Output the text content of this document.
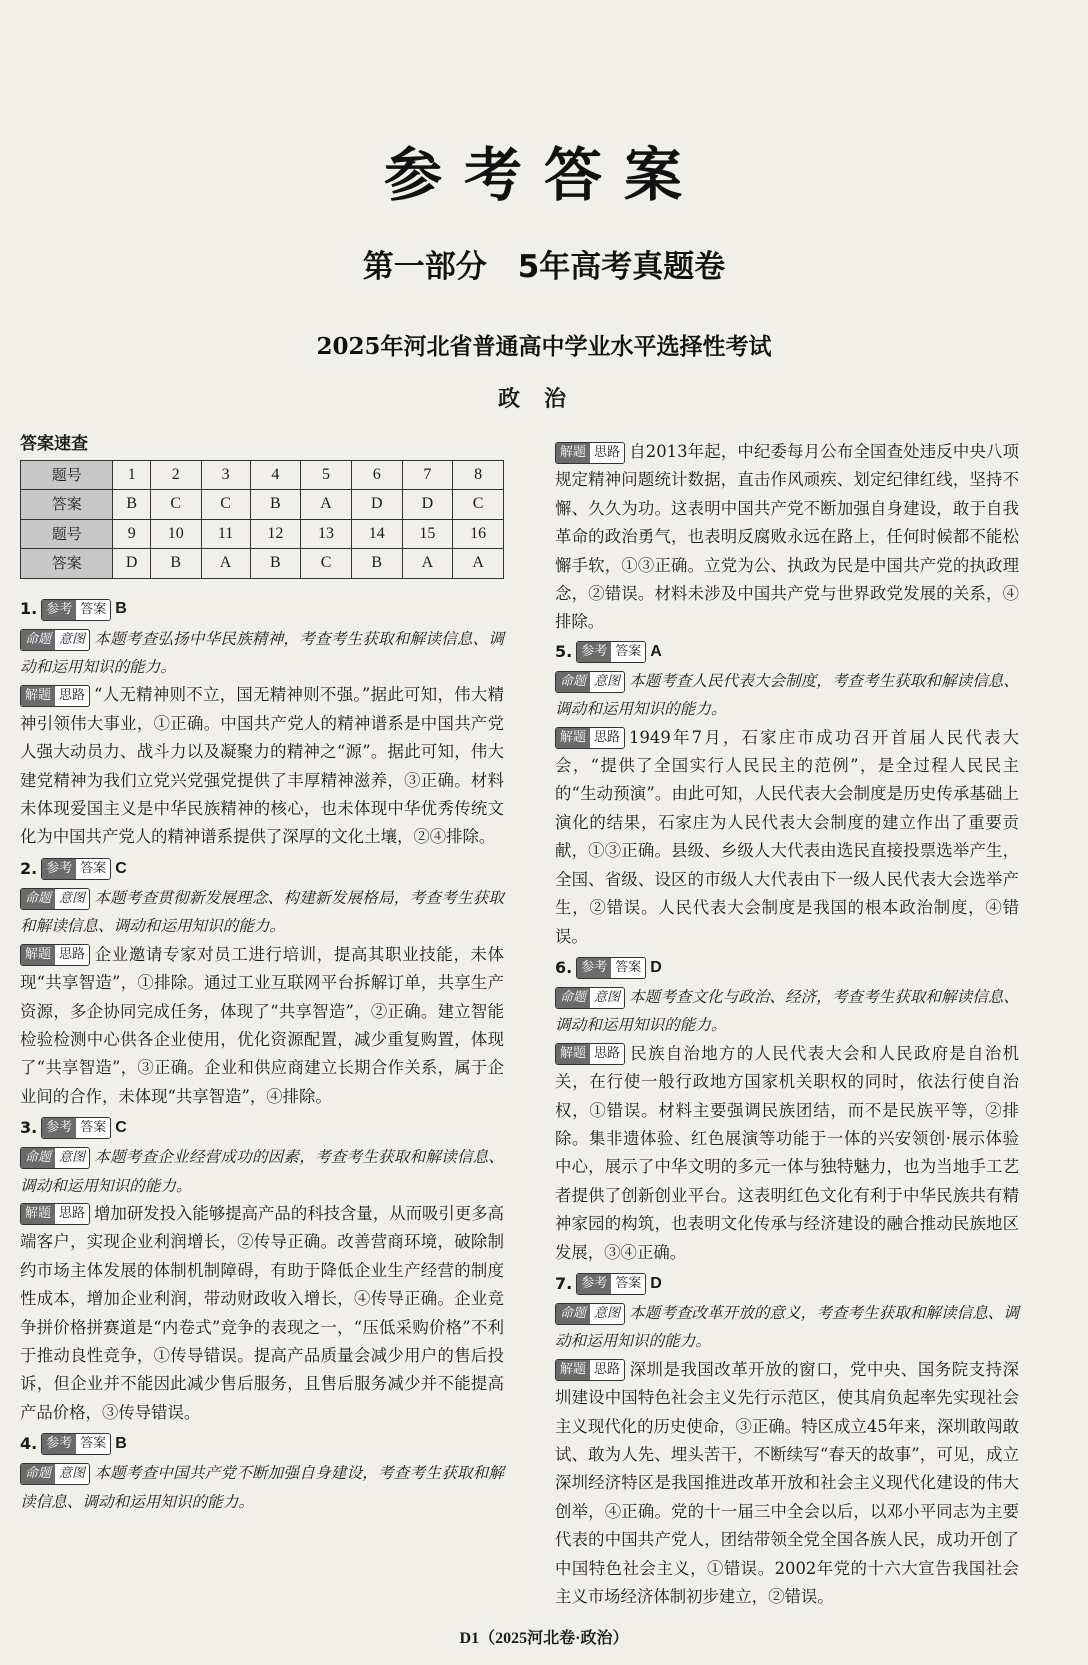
参考答案
第一部分　5年高考真题卷
2025年河北省普通高中学业水平选择性考试
政治
答案速查
题号	1	2	3	4	5	6	7	8
答案	B	C	C	B	A	D	D	C
题号	9	10	11	12	13	14	15	16
答案	D	B	A	B	C	B	A	A
1. 参考 答案 B

命题 意图 本题考查弘扬中华民族精神，考查考生获取和解读信息、调动和运用知识的能力。

解题 思路 “人无精神则不立，国无精神则不强。”据此可知，伟大精神引领伟大事业，①正确。中国共产党人的精神谱系是中国共产党人强大动员力、战斗力以及凝聚力的精神之“源”。据此可知，伟大建党精神为我们立党兴党强党提供了丰厚精神滋养，③正确。材料未体现爱国主义是中华民族精神的核心，也未体现中华优秀传统文化为中国共产党人的精神谱系提供了深厚的文化土壤，②④排除。

2. 参考 答案 C

命题 意图 本题考查贯彻新发展理念、构建新发展格局，考查考生获取和解读信息、调动和运用知识的能力。

解题 思路 企业邀请专家对员工进行培训，提高其职业技能，未体现“共享智造”，①排除。通过工业互联网平台拆解订单，共享生产资源，多企协同完成任务，体现了“共享智造”，②正确。建立智能检验检测中心供各企业使用，优化资源配置，减少重复购置，体现了“共享智造”，③正确。企业和供应商建立长期合作关系，属于企业间的合作，未体现“共享智造”，④排除。

3. 参考 答案 C

命题 意图 本题考查企业经营成功的因素，考查考生获取和解读信息、调动和运用知识的能力。

解题 思路 增加研发投入能够提高产品的科技含量，从而吸引更多高端客户，实现企业利润增长，②传导正确。改善营商环境，破除制约市场主体发展的体制机制障碍，有助于降低企业生产经营的制度性成本，增加企业利润，带动财政收入增长，④传导正确。企业竞争拼价格拼赛道是“内卷式”竞争的表现之一，“压低采购价格”不利于推动良性竞争，①传导错误。提高产品质量会减少用户的售后投诉，但企业并不能因此减少售后服务，且售后服务减少并不能提高产品价格，③传导错误。

4. 参考 答案 B

命题 意图 本题考查中国共产党不断加强自身建设，考查考生获取和解读信息、调动和运用知识的能力。

解题 思路 自2013年起，中纪委每月公布全国查处违反中央八项规定精神问题统计数据，直击作风顽疾、划定纪律红线，坚持不懈、久久为功。这表明中国共产党不断加强自身建设，敢于自我革命的政治勇气，也表明反腐败永远在路上，任何时候都不能松懈手软，①③正确。立党为公、执政为民是中国共产党的执政理念，②错误。材料未涉及中国共产党与世界政党发展的关系，④排除。

5. 参考 答案 A

命题 意图 本题考查人民代表大会制度，考查考生获取和解读信息、调动和运用知识的能力。

解题 思路 1949年7月，石家庄市成功召开首届人民代表大会，“提供了全国实行人民民主的范例”，是全过程人民民主的“生动预演”。由此可知，人民代表大会制度是历史传承基础上演化的结果，石家庄为人民代表大会制度的建立作出了重要贡献，①③正确。县级、乡级人大代表由选民直接投票选举产生，全国、省级、设区的市级人大代表由下一级人民代表大会选举产生，②错误。人民代表大会制度是我国的根本政治制度，④错误。

6. 参考 答案 D

命题 意图 本题考查文化与政治、经济，考查考生获取和解读信息、调动和运用知识的能力。

解题 思路 民族自治地方的人民代表大会和人民政府是自治机关，在行使一般行政地方国家机关职权的同时，依法行使自治权，①错误。材料主要强调民族团结，而不是民族平等，②排除。集非遗体验、红色展演等功能于一体的兴安领创·展示体验中心，展示了中华文明的多元一体与独特魅力，也为当地手工艺者提供了创新创业平台。这表明红色文化有利于中华民族共有精神家园的构筑，也表明文化传承与经济建设的融合推动民族地区发展，③④正确。

7. 参考 答案 D

命题 意图 本题考查改革开放的意义，考查考生获取和解读信息、调动和运用知识的能力。

解题 思路 深圳是我国改革开放的窗口，党中央、国务院支持深圳建设中国特色社会主义先行示范区，使其肩负起率先实现社会主义现代化的历史使命，③正确。特区成立45年来，深圳敢闯敢试、敢为人先、埋头苦干，不断续写“春天的故事”，可见，成立深圳经济特区是我国推进改革开放和社会主义现代化建设的伟大创举，④正确。党的十一届三中全会以后，以邓小平同志为主要代表的中国共产党人，团结带领全党全国各族人民，成功开创了中国特色社会主义，①错误。2002年党的十六大宣告我国社会主义市场经济体制初步建立，②错误。

D1（2025河北卷·政治）
